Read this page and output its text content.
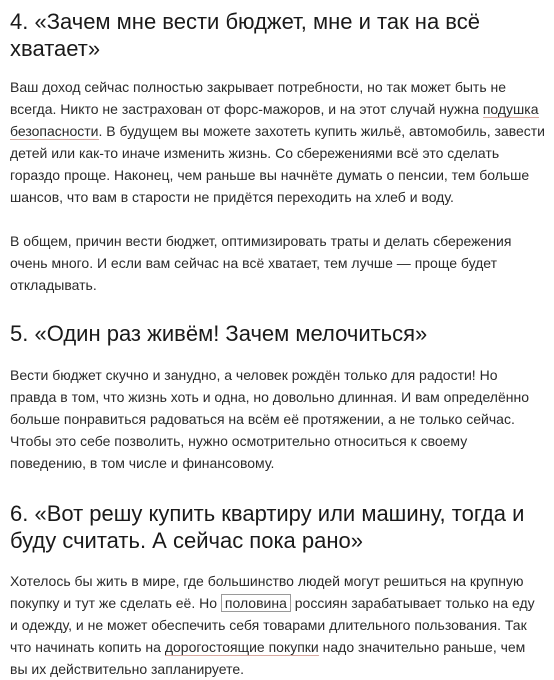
4. «Зачем мне вести бюджет, мне и так на всё хватает»

Ваш доход сейчас полностью закрывает потребности, но так может быть не всегда. Никто не застрахован от форс-мажоров, и на этот случай нужна подушка безопасности. В будущем вы можете захотеть купить жильё, автомобиль, завести детей или как-то иначе изменить жизнь. Со сбережениями всё это сделать гораздо проще. Наконец, чем раньше вы начнёте думать о пенсии, тем больше шансов, что вам в старости не придётся переходить на хлеб и воду.

В общем, причин вести бюджет, оптимизировать траты и делать сбережения очень много. И если вам сейчас на всё хватает, тем лучше — проще будет откладывать.

5. «Один раз живём! Зачем мелочиться»

Вести бюджет скучно и занудно, а человек рождён только для радости! Но правда в том, что жизнь хоть и одна, но довольно длинная. И вам определённо больше понравиться радоваться на всём её протяжении, а не только сейчас. Чтобы это себе позволить, нужно осмотрительно относиться к своему поведению, в том числе и финансовому.

6. «Вот решу купить квартиру или машину, тогда и буду считать. А сейчас пока рано»

Хотелось бы жить в мире, где большинство людей могут решиться на крупную покупку и тут же сделать её. Но половина россиян зарабатывает только на еду и одежду, и не может обеспечить себя товарами длительного пользования. Так что начинать копить на дорогостоящие покупки надо значительно раньше, чем вы их действительно запланируете.
